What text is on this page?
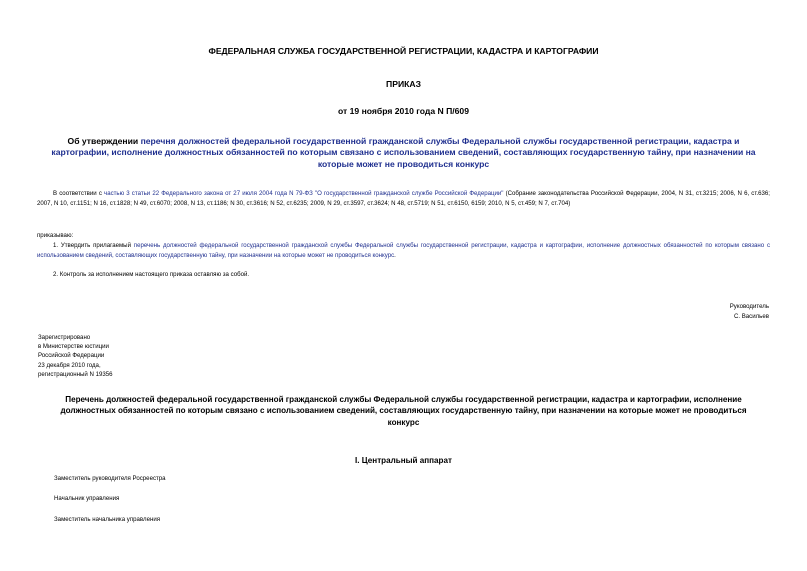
ФЕДЕРАЛЬНАЯ СЛУЖБА ГОСУДАРСТВЕННОЙ РЕГИСТРАЦИИ, КАДАСТРА И КАРТОГРАФИИ
ПРИКАЗ
от 19 ноября 2010 года N П/609
Об утверждении перечня должностей федеральной государственной гражданской службы Федеральной службы государственной регистрации, кадастра и картографии, исполнение должностных обязанностей по которым связано с использованием сведений, составляющих государственную тайну, при назначении на которые может не проводиться конкурс
В соответствии с частью 3 статьи 22 Федерального закона от 27 июля 2004 года N 79-ФЗ "О государственной гражданской службе Российской Федерации" (Собрание законодательства Российской Федерации, 2004, N 31, ст.3215; 2006, N 6, ст.636; 2007, N 10, ст.1151; N 16, ст.1828; N 49, ст.6070; 2008, N 13, ст.1186; N 30, ст.3616; N 52, ст.6235; 2009, N 29, ст.3597, ст.3624; N 48, ст.5719; N 51, ст.6150, 6159; 2010, N 5, ст.459; N 7, ст.704)
приказываю:
1. Утвердить прилагаемый перечень должностей федеральной государственной гражданской службы Федеральной службы государственной регистрации, кадастра и картографии, исполнение должностных обязанностей по которым связано с использованием сведений, составляющих государственную тайну, при назначении на которые может не проводиться конкурс.
2. Контроль за исполнением настоящего приказа оставляю за собой.
Руководитель
С. Васильев
Зарегистрировано
в Министерстве юстиции
Российской Федерации
23 декабря 2010 года,
регистрационный N 19356
Перечень должностей федеральной государственной гражданской службы Федеральной службы государственной регистрации, кадастра и картографии, исполнение должностных обязанностей по которым связано с использованием сведений, составляющих государственную тайну, при назначении на которые может не проводиться конкурс
I. Центральный аппарат
Заместитель руководителя Росреестра
Начальник управления
Заместитель начальника управления
